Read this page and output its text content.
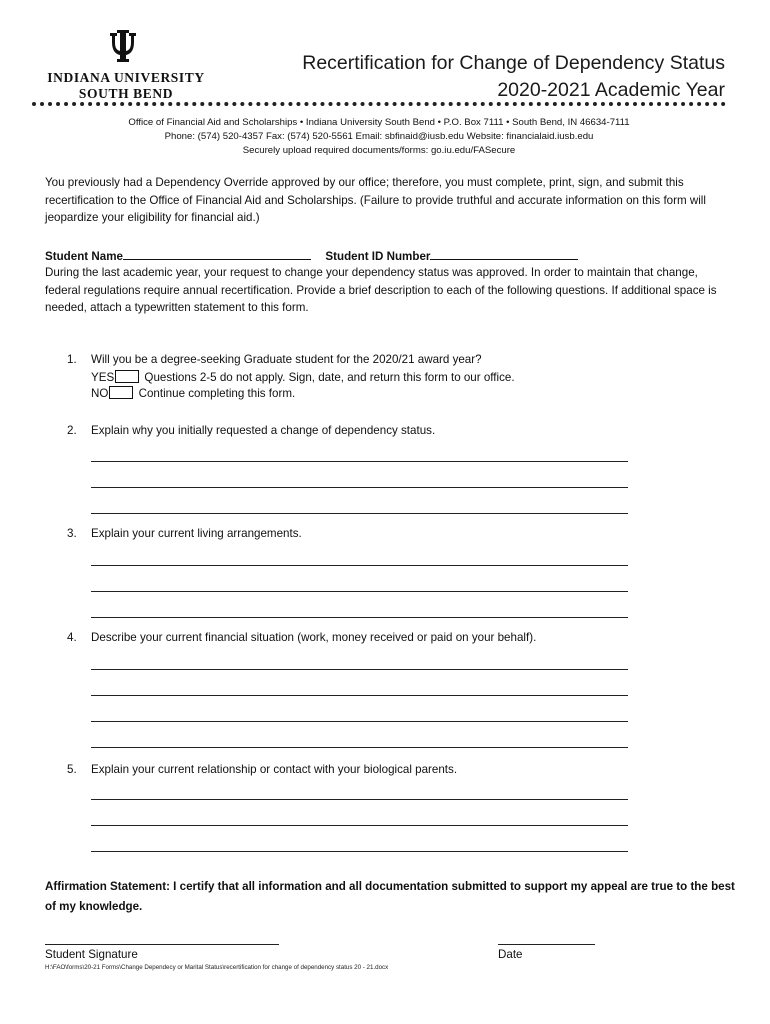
INDIANA UNIVERSITY
SOUTH BEND
Recertification for Change of Dependency Status
2020-2021 Academic Year
Office of Financial Aid and Scholarships • Indiana University South Bend • P.O. Box 7111 • South Bend, IN 46634-7111
Phone: (574) 520-4357 Fax: (574) 520-5561 Email: sbfinaid@iusb.edu Website: financialaid.iusb.edu
Securely upload required documents/forms: go.iu.edu/FASecure
You previously had a Dependency Override approved by our office; therefore, you must complete, print, sign, and submit this recertification to the Office of Financial Aid and Scholarships. (Failure to provide truthful and accurate information on this form will jeopardize your eligibility for financial aid.)
Student Name	Student ID Number
During the last academic year, your request to change your dependency status was approved. In order to maintain that change, federal regulations require annual recertification. Provide a brief description to each of the following questions. If additional space is needed, attach a typewritten statement to this form.
1. Will you be a degree-seeking Graduate student for the 2020/21 award year?
YES Questions 2-5 do not apply. Sign, date, and return this form to our office.
NO Continue completing this form.
2. Explain why you initially requested a change of dependency status.
3. Explain your current living arrangements.
4. Describe your current financial situation (work, money received or paid on your behalf).
5. Explain your current relationship or contact with your biological parents.
Affirmation Statement: I certify that all information and all documentation submitted to support my appeal are true to the best of my knowledge.
Student Signature	Date
H:\FAO\forms\20-21 Forms\Change Dependecy or Marital Status\recertification for change of dependency status 20 - 21.docx
